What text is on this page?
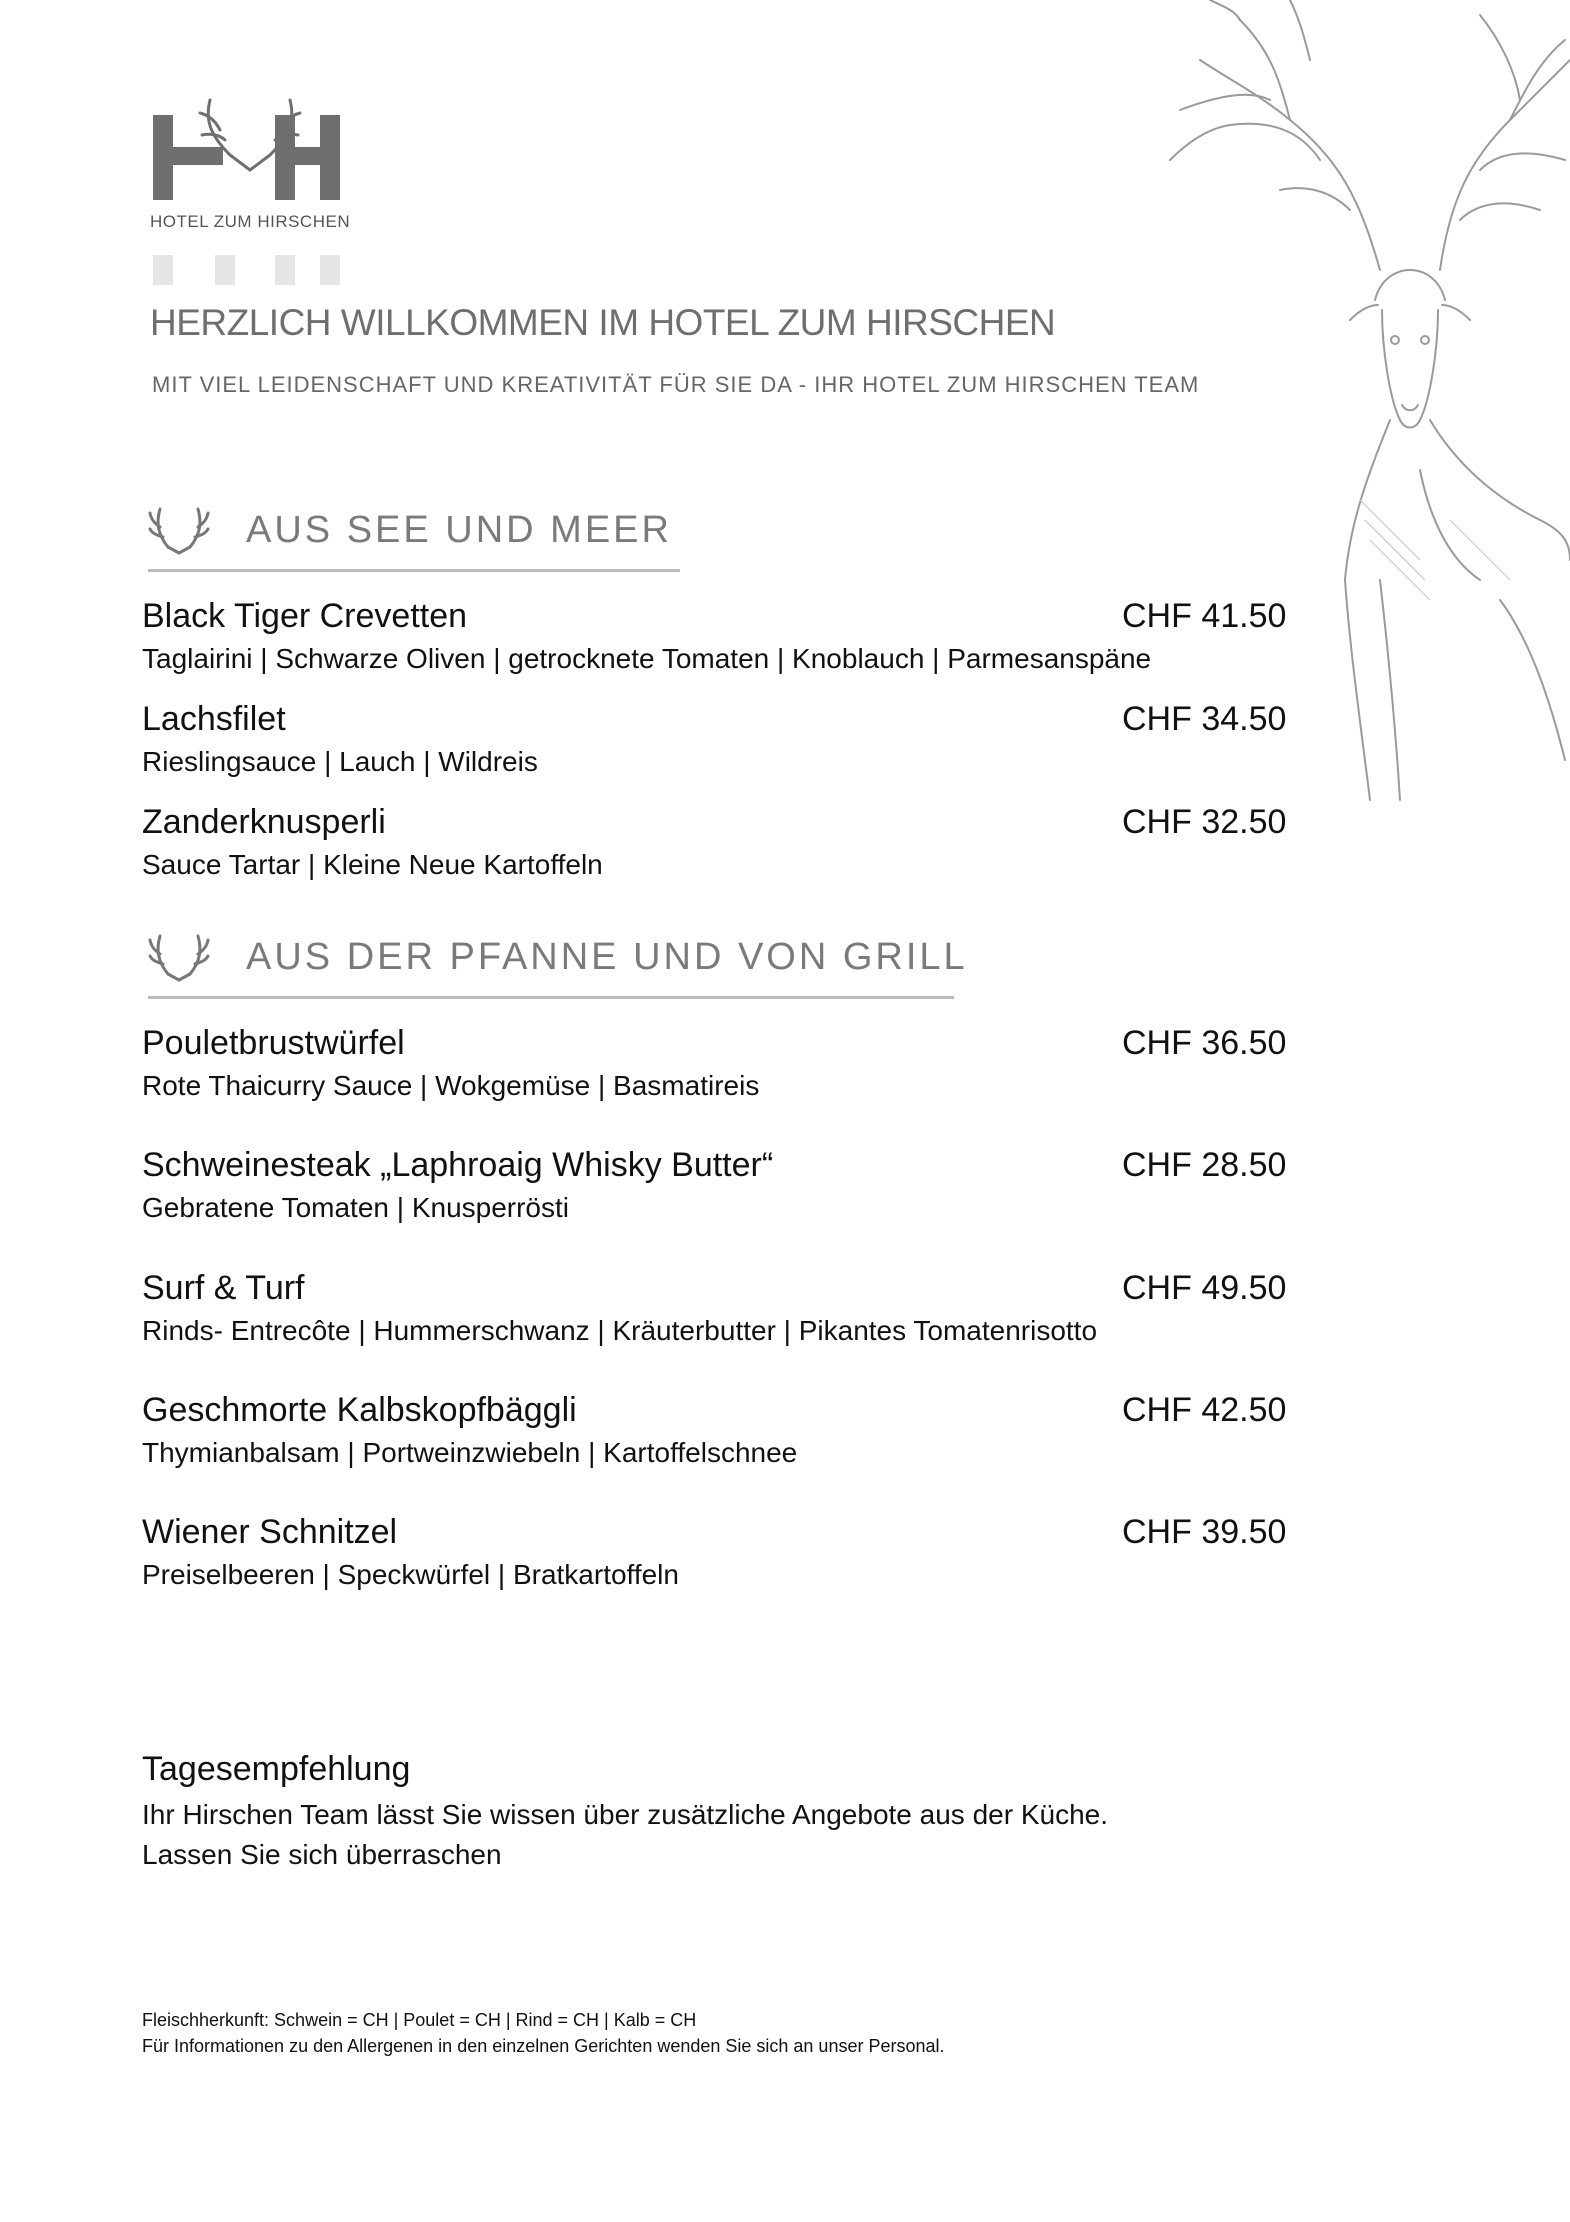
HOTEL ZUM HIRSCHEN
HERZLICH WILLKOMMEN IM HOTEL ZUM HIRSCHEN
MIT VIEL LEIDENSCHAFT UND KREATIVITÄT FÜR SIE DA - IHR HOTEL ZUM HIRSCHEN TEAM
AUS SEE UND MEER
Black Tiger Crevetten	CHF 41.50
Taglairini | Schwarze Oliven | getrocknete Tomaten | Knoblauch | Parmesanspäne
Lachsfilet	CHF 34.50
Rieslingsauce | Lauch | Wildreis
Zanderknusperli	CHF 32.50
Sauce Tartar | Kleine Neue Kartoffeln
AUS DER PFANNE UND VON GRILL
Pouletbrustwürfel	CHF 36.50
Rote Thaicurry Sauce | Wokgemüse | Basmatireis
Schweinesteak „Laphroaig Whisky Butter“	CHF 28.50
Gebratene Tomaten | Knusperrösti
Surf & Turf	CHF 49.50
Rinds- Entrecôte | Hummerschwanz | Kräuterbutter | Pikantes Tomatenrisotto
Geschmorte Kalbskopfbäggli	CHF 42.50
Thymianbalsam | Portweinzwiebeln | Kartoffelschnee
Wiener Schnitzel	CHF 39.50
Preiselbeeren | Speckwürfel | Bratkartoffeln
Tagesempfehlung
Ihr Hirschen Team lässt Sie wissen über zusätzliche Angebote aus der Küche.
Lassen Sie sich überraschen
Fleischherkunft: Schwein = CH | Poulet = CH | Rind = CH | Kalb = CH
Für Informationen zu den Allergenen in den einzelnen Gerichten wenden Sie sich an unser Personal.
